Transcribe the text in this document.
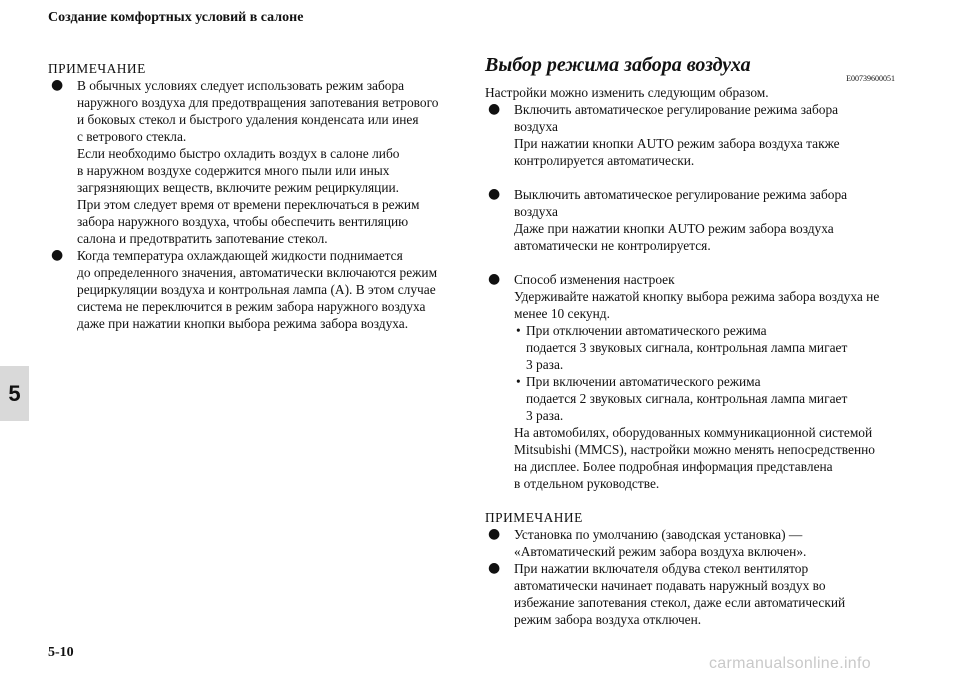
Создание комфортных условий в салоне
5
ПРИМЕЧАНИЕ
● В обычных условиях следует использовать режим забора
наружного воздуха для предотвращения запотевания ветрового
и боковых стекол и быстрого удаления конденсата или инея
с ветрового стекла.
Если необходимо быстро охладить воздух в салоне либо
в наружном воздухе содержится много пыли или иных
загрязняющих веществ, включите режим рециркуляции.
При этом следует время от времени переключаться в режим
забора наружного воздуха, чтобы обеспечить вентиляцию
салона и предотвратить запотевание стекол.
● Когда температура охлаждающей жидкости поднимается
до определенного значения, автоматически включаются режим
рециркуляции воздуха и контрольная лампа (A). В этом случае
система не переключится в режим забора наружного воздуха
даже при нажатии кнопки выбора режима забора воздуха.
Выбор режима забора воздуха
E00739600051
Настройки можно изменить следующим образом.
● Включить автоматическое регулирование режима забора
воздуха
При нажатии кнопки AUTO режим забора воздуха также
контролируется автоматически.
● Выключить автоматическое регулирование режима забора
воздуха
Даже при нажатии кнопки AUTO режим забора воздуха
автоматически не контролируется.
● Способ изменения настроек
Удерживайте нажатой кнопку выбора режима забора воздуха не
менее 10 секунд.
• При отключении автоматического режима
подается 3 звуковых сигнала, контрольная лампа мигает
3 раза.
• При включении автоматического режима
подается 2 звуковых сигнала, контрольная лампа мигает
3 раза.
На автомобилях, оборудованных коммуникационной системой
Mitsubishi (MMCS), настройки можно менять непосредственно
на дисплее. Более подробная информация представлена
в отдельном руководстве.
ПРИМЕЧАНИЕ
● Установка по умолчанию (заводская установка) —
«Автоматический режим забора воздуха включен».
● При нажатии включателя обдува стекол вентилятор
автоматически начинает подавать наружный воздух во
избежание запотевания стекол, даже если автоматический
режим забора воздуха отключен.
5-10
carmanualsonline.info
